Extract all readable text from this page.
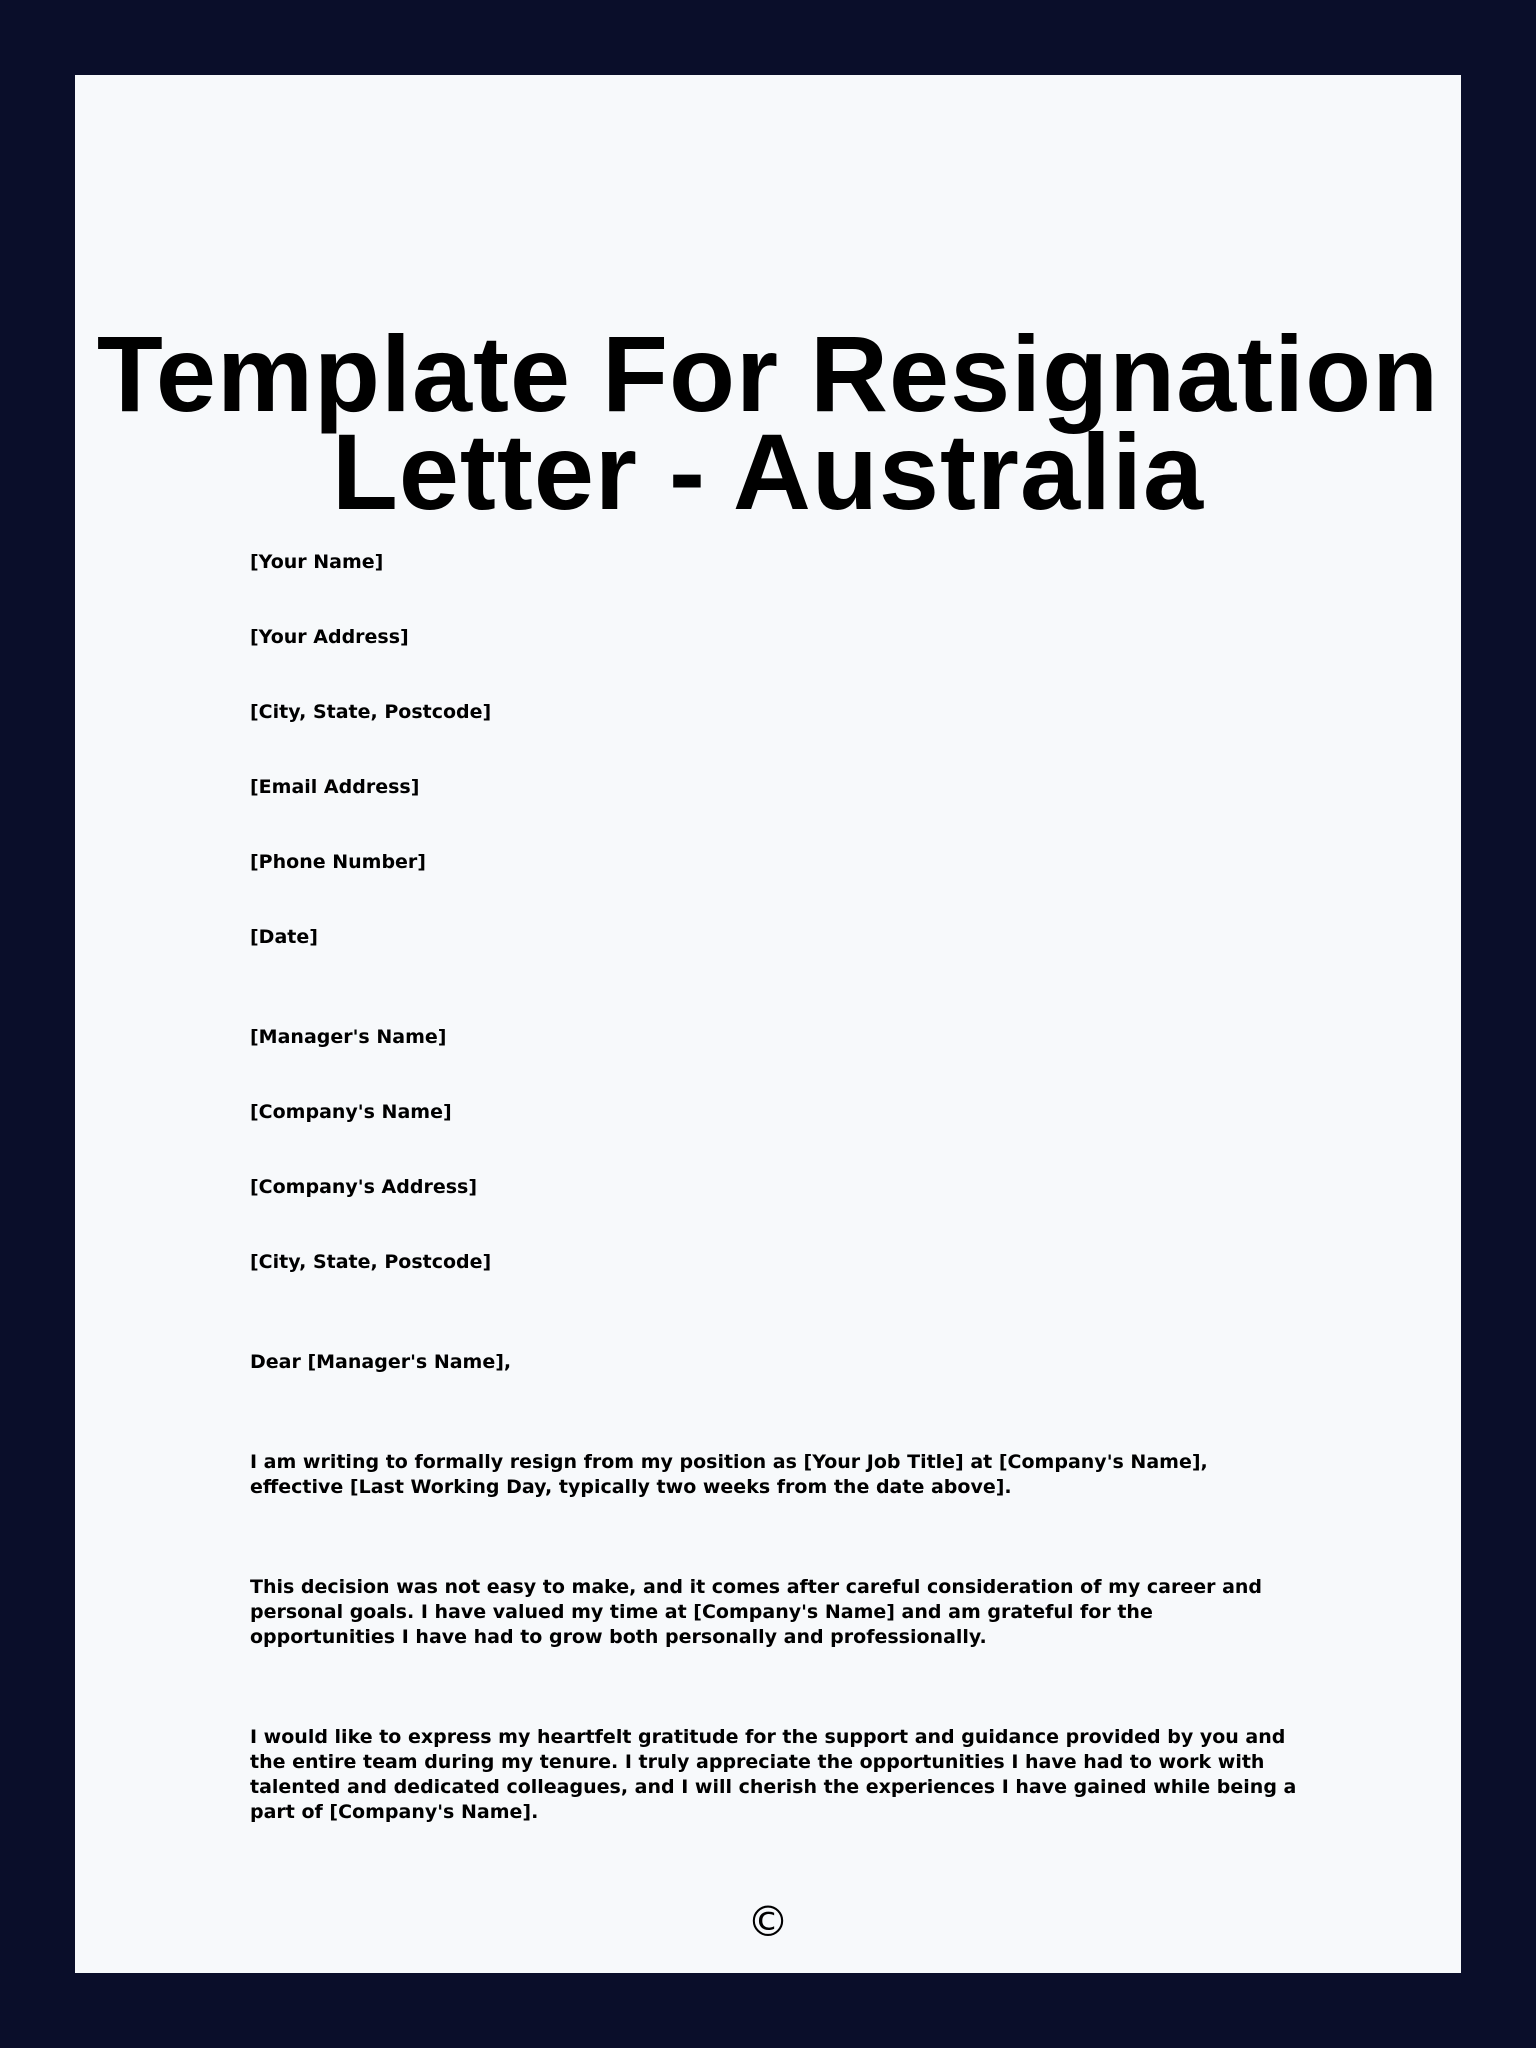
Template For Resignation
Letter - Australia
[Your Name]
[Your Address]
[City, State, Postcode]
[Email Address]
[Phone Number]
[Date]
[Manager's Name]
[Company's Name]
[Company's Address]
[City, State, Postcode]
Dear [Manager's Name],
I am writing to formally resign from my position as [Your Job Title] at [Company's Name], effective [Last Working Day, typically two weeks from the date above].
This decision was not easy to make, and it comes after careful consideration of my career and personal goals. I have valued my time at [Company's Name] and am grateful for the opportunities I have had to grow both personally and professionally.
I would like to express my heartfelt gratitude for the support and guidance provided by you and the entire team during my tenure. I truly appreciate the opportunities I have had to work with talented and dedicated colleagues, and I will cherish the experiences I have gained while being a part of [Company's Name].
©
